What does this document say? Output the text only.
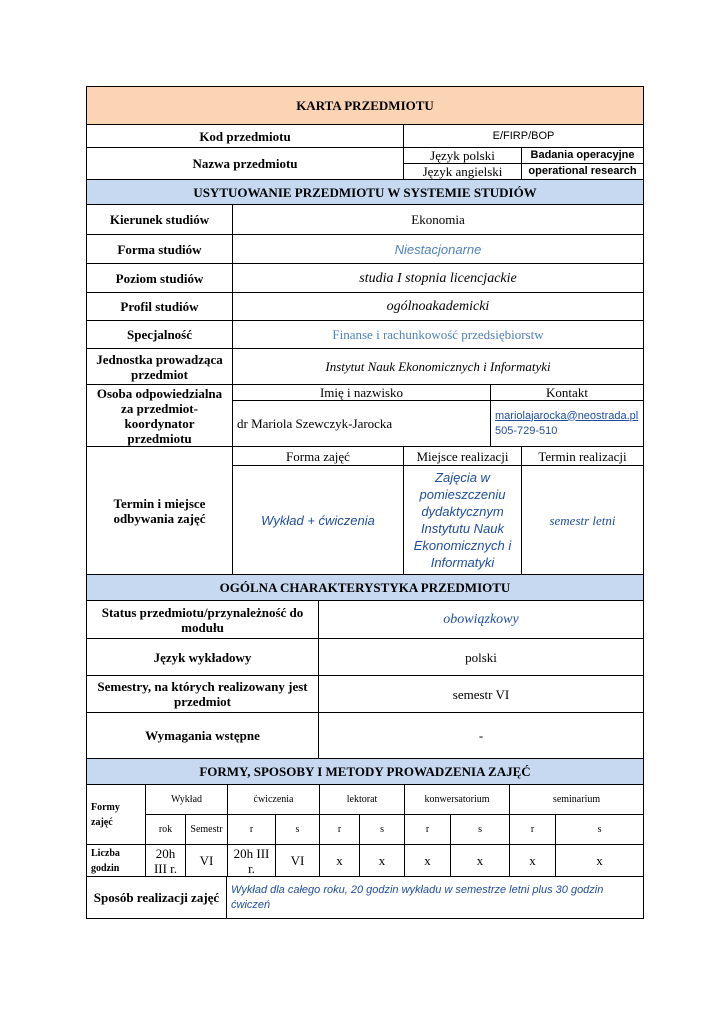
KARTA PRZEDMIOTU					
Kod przedmiotu			E/FIRP/BOP		
Nazwa przedmiotu			Język polski		Badania operacyjne
			Język angielski		operational research
USYTUOWANIE PRZEDMIOTU W SYSTEMIE STUDIÓW					
Kierunek studiów	Ekonomia				
Forma studiów	Niestacjonarne				
Poziom studiów	studia I stopnia licencjackie				
Profil studiów	ogólnoakademicki				
Specjalność	Finanse i rachunkowość przedsiębiorstw				
Jednostka prowadząca przedmiot	Instytut Nauk Ekonomicznych i Informatyki				
Osoba odpowiedzialna za przedmiot- koordynator przedmiotu	Imię i nazwisko			Kontakt	
	dr Mariola Szewczyk-Jarocka			mariolajarocka@neostrada.pl
505-729-510	
Termin i miejsce odbywania zajęć	Forma zajęć		Miejsce realizacji		Termin realizacji
	Wykład + ćwiczenia		Zajęcia w pomieszczeniu dydaktycznym Instytutu Nauk Ekonomicznych i Informatyki		semestr letni
OGÓLNA CHARAKTERYSTYKA PRZEDMIOTU					
Status przedmiotu/przynależność do modułu		obowiązkowy			
Język wykładowy		polski			
Semestry, na których realizowany jest przedmiot		semestr VI			
Wymagania wstępne		-			
FORMY, SPOSOBY I METODY PROWADZENIA ZAJĘĆ					
Formy zajęć	Wykład		ćwiczenia		lektorat		konwersatorium		seminarium	
	rok	Semestr	r	s	r	s	r	s	r	s
Liczba godzin	20h III r.	VI	20h III r.	VI	x	x	x	x	x	x
Sposób realizacji zajęć	Wykład dla całego roku, 20 godzin wykładu w semestrze letni plus 30 godzin ćwiczeń
